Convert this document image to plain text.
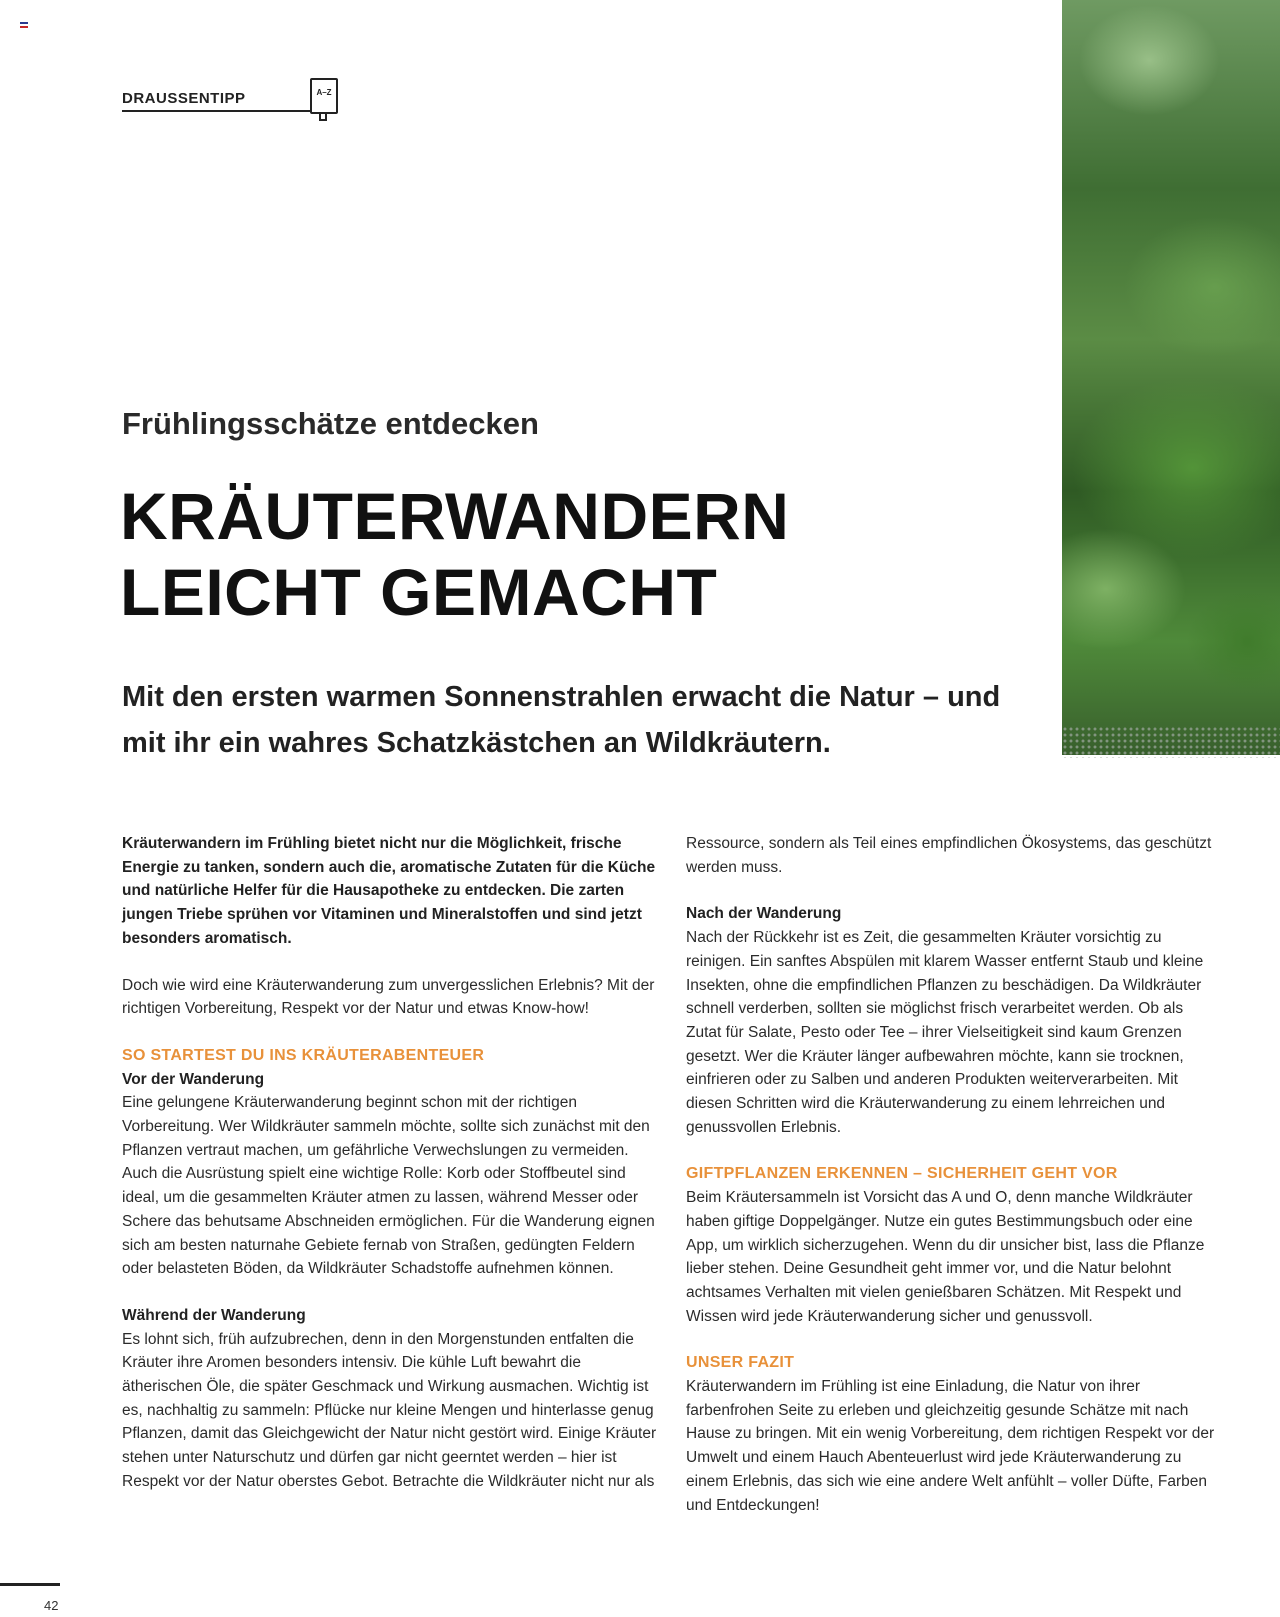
DRAUSSENTIPP	A–Z
Frühlingsschätze entdecken
KRÄUTERWANDERN
LEICHT GEMACHT

Mit den ersten warmen Sonnenstrahlen erwacht die Natur – und mit ihr ein wahres Schatzkästchen an Wildkräutern.

Kräuterwandern im Frühling bietet nicht nur die Möglichkeit, frische Energie zu tanken, sondern auch die, aromatische Zutaten für die Küche und natürliche Helfer für die Hausapotheke zu entdecken. Die zarten jungen Triebe sprühen vor Vitaminen und Mineralstoffen und sind jetzt besonders aromatisch.

Doch wie wird eine Kräuterwanderung zum unvergesslichen Erlebnis? Mit der richtigen Vorbereitung, Respekt vor der Natur und etwas Know-how!

SO STARTEST DU INS KRÄUTERABENTEUER
Vor der Wanderung

Eine gelungene Kräuterwanderung beginnt schon mit der richtigen Vorbereitung. Wer Wildkräuter sammeln möchte, sollte sich zunächst mit den Pflanzen vertraut machen, um gefährliche Verwechslungen zu vermeiden. Auch die Ausrüstung spielt eine wichtige Rolle: Korb oder Stoffbeutel sind ideal, um die gesammelten Kräuter atmen zu lassen, während Messer oder Schere das behutsame Abschneiden ermöglichen. Für die Wanderung eignen sich am besten naturnahe Gebiete fernab von Straßen, gedüngten Feldern oder belasteten Böden, da Wildkräuter Schadstoffe aufnehmen können.

Während der Wanderung

Es lohnt sich, früh aufzubrechen, denn in den Morgenstunden entfalten die Kräuter ihre Aromen besonders intensiv. Die kühle Luft bewahrt die ätherischen Öle, die später Geschmack und Wirkung ausmachen. Wichtig ist es, nachhaltig zu sammeln: Pflücke nur kleine Mengen und hinterlasse genug Pflanzen, damit das Gleichgewicht der Natur nicht gestört wird. Einige Kräuter stehen unter Naturschutz und dürfen gar nicht geerntet werden – hier ist Respekt vor der Natur oberstes Gebot. Betrachte die Wildkräuter nicht nur als

Ressource, sondern als Teil eines empfindlichen Ökosystems, das geschützt werden muss.

Nach der Wanderung

Nach der Rückkehr ist es Zeit, die gesammelten Kräuter vorsichtig zu reinigen. Ein sanftes Abspülen mit klarem Wasser entfernt Staub und kleine Insekten, ohne die empfindlichen Pflanzen zu beschädigen. Da Wildkräuter schnell verderben, sollten sie möglichst frisch verarbeitet werden. Ob als Zutat für Salate, Pesto oder Tee – ihrer Vielseitigkeit sind kaum Grenzen gesetzt. Wer die Kräuter länger aufbewahren möchte, kann sie trocknen, einfrieren oder zu Salben und anderen Produkten weiterverarbeiten. Mit diesen Schritten wird die Kräuterwanderung zu einem lehrreichen und genussvollen Erlebnis.

GIFTPFLANZEN ERKENNEN – SICHERHEIT GEHT VOR

Beim Kräutersammeln ist Vorsicht das A und O, denn manche Wildkräuter haben giftige Doppelgänger. Nutze ein gutes Bestimmungsbuch oder eine App, um wirklich sicherzugehen. Wenn du dir unsicher bist, lass die Pflanze lieber stehen. Deine Gesundheit geht immer vor, und die Natur belohnt achtsames Verhalten mit vielen genießbaren Schätzen. Mit Respekt und Wissen wird jede Kräuterwanderung sicher und genussvoll.

UNSER FAZIT

Kräuterwandern im Frühling ist eine Einladung, die Natur von ihrer farbenfrohen Seite zu erleben und gleichzeitig gesunde Schätze mit nach Hause zu bringen. Mit ein wenig Vorbereitung, dem richtigen Respekt vor der Umwelt und einem Hauch Abenteuerlust wird jede Kräuterwanderung zu einem Erlebnis, das sich wie eine andere Welt anfühlt – voller Düfte, Farben und Entdeckungen!

42
